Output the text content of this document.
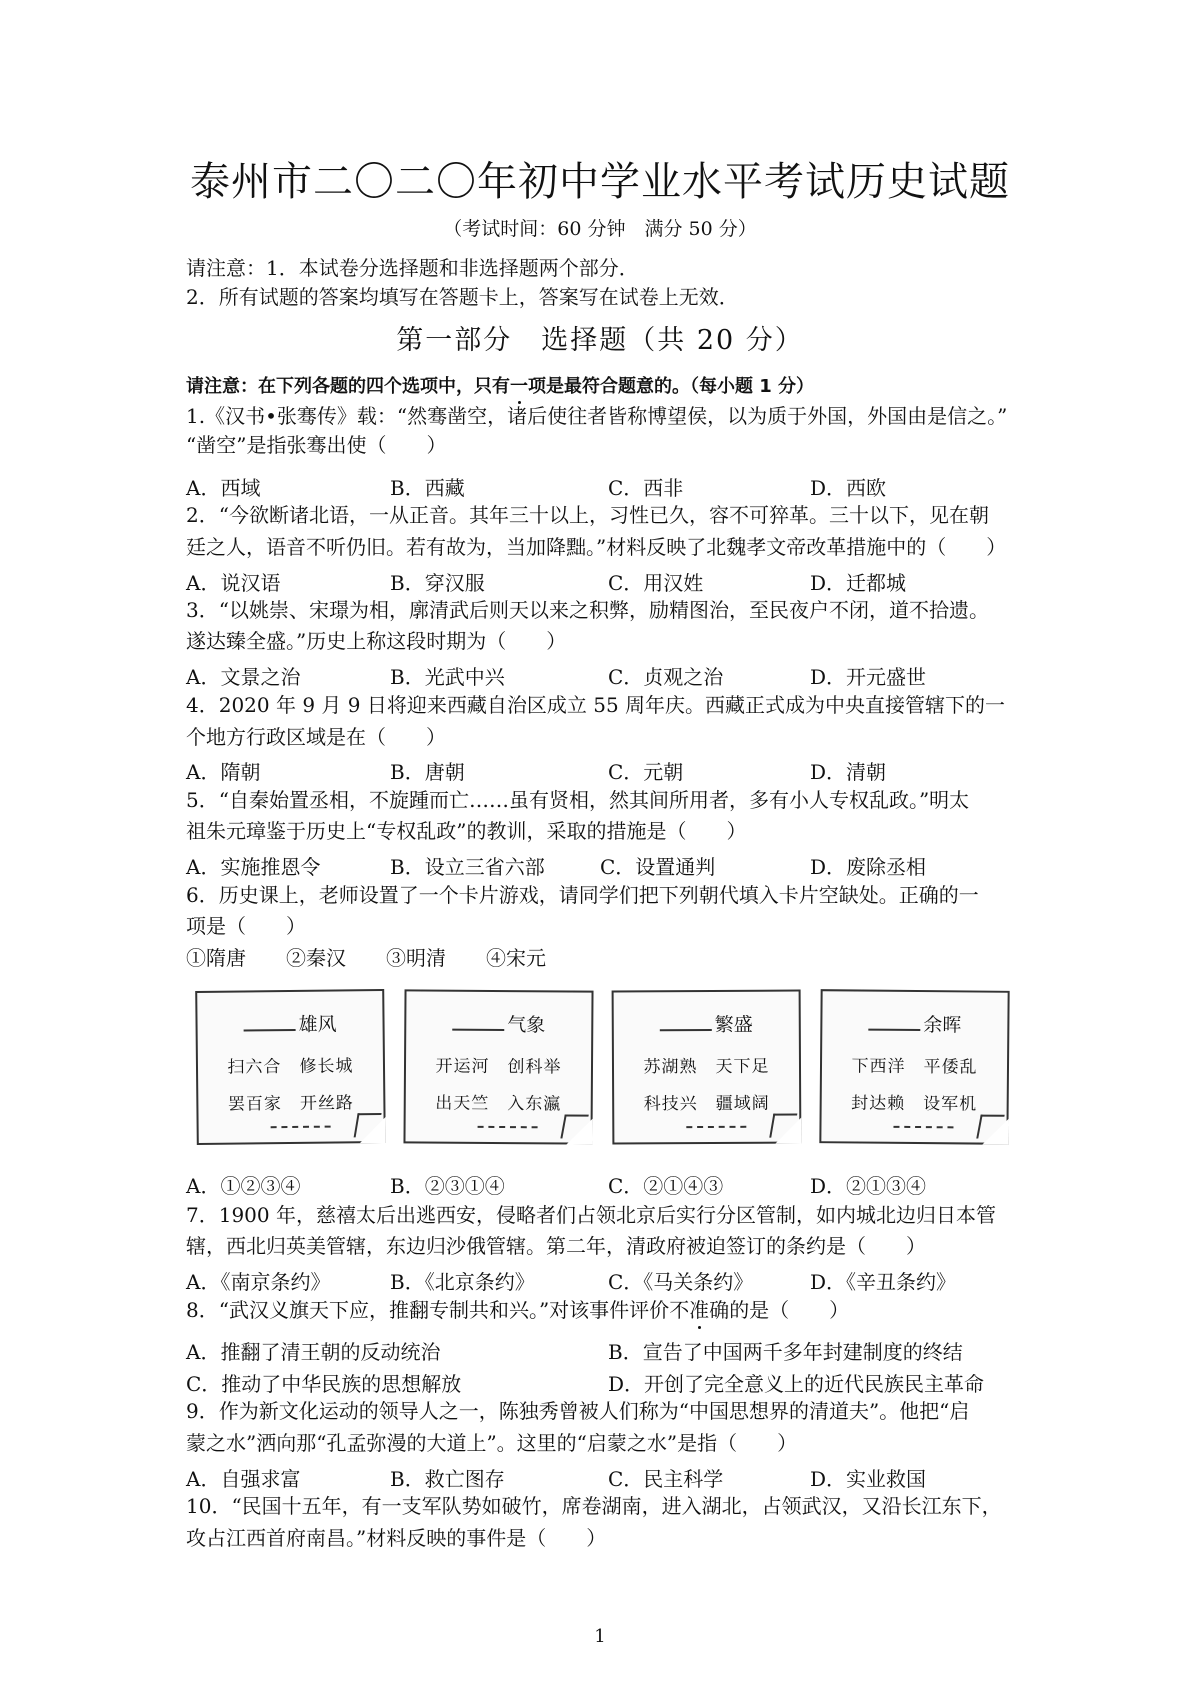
泰州市二〇二〇年初中学业水平考试历史试题
（考试时间：60 分钟　满分 50 分）
请注意：1．本试卷分选择题和非选择题两个部分．
2．所有试题的答案均填写在答题卡上，答案写在试卷上无效．
第一部分　选择题（共 20 分）
请注意：在下列各题的四个选项中，只有一项是最符合题意的。（每小题 1 分）
1.《汉书•张骞传》载：“然骞凿空，诸后使往者皆称博望侯，以为质于外国，外国由是信之。”
“凿空”是指张骞出使（　　）
A．西域	B．西藏	C．西非	D．西欧
2．“今欲断诸北语，一从正音。其年三十以上，习性已久，容不可猝革。三十以下，见在朝
廷之人，语音不听仍旧。若有故为，当加降黜。”材料反映了北魏孝文帝改革措施中的（　　）
A．说汉语	B．穿汉服	C．用汉姓	D．迁都城
3．“以姚崇、宋璟为相，廓清武后则天以来之积弊，励精图治，至民夜户不闭，道不拾遗。
遂达臻全盛。”历史上称这段时期为（　　）
A．文景之治	B．光武中兴	C．贞观之治	D．开元盛世
4．2020 年 9 月 9 日将迎来西藏自治区成立 55 周年庆。西藏正式成为中央直接管辖下的一
个地方行政区域是在（　　）
A．隋朝	B．唐朝	C．元朝	D．清朝
5．“自秦始置丞相，不旋踵而亡……虽有贤相，然其间所用者，多有小人专权乱政。”明太
祖朱元璋鉴于历史上“专权乱政”的教训，采取的措施是（　　）
A．实施推恩令	B．设立三省六部	C．设置通判	D．废除丞相
6．历史课上，老师设置了一个卡片游戏，请同学们把下列朝代填入卡片空缺处。正确的一
项是（　　）
①隋唐　　②秦汉　　③明清　　④宋元
雄风
扫六合　修长城
罢百家　开丝路
气象
开运河　创科举
出天竺　入东瀛
繁盛
苏湖熟　天下足
科技兴　疆域阔
余晖
下西洋　平倭乱
封达赖　设军机
A．①②③④	B．②③①④	C．②①④③	D．②①③④
7．1900 年，慈禧太后出逃西安，侵略者们占领北京后实行分区管制，如内城北边归日本管
辖，西北归英美管辖，东边归沙俄管辖。第二年，清政府被迫签订的条约是（　　）
A．《南京条约》	B．《北京条约》	C．《马关条约》	D．《辛丑条约》
8．“武汉义旗天下应，推翻专制共和兴。”对该事件评价不准确的是（　　）
A．推翻了清王朝的反动统治	B．宣告了中国两千多年封建制度的终结
C．推动了中华民族的思想解放	D．开创了完全意义上的近代民族民主革命
9．作为新文化运动的领导人之一，陈独秀曾被人们称为“中国思想界的清道夫”。他把“启
蒙之水”洒向那“孔孟弥漫的大道上”。这里的“启蒙之水”是指（　　）
A．自强求富	B．救亡图存	C．民主科学	D．实业救国
10．“民国十五年，有一支军队势如破竹，席卷湖南，进入湖北，占领武汉，又沿长江东下，
攻占江西首府南昌。”材料反映的事件是（　　）
1
